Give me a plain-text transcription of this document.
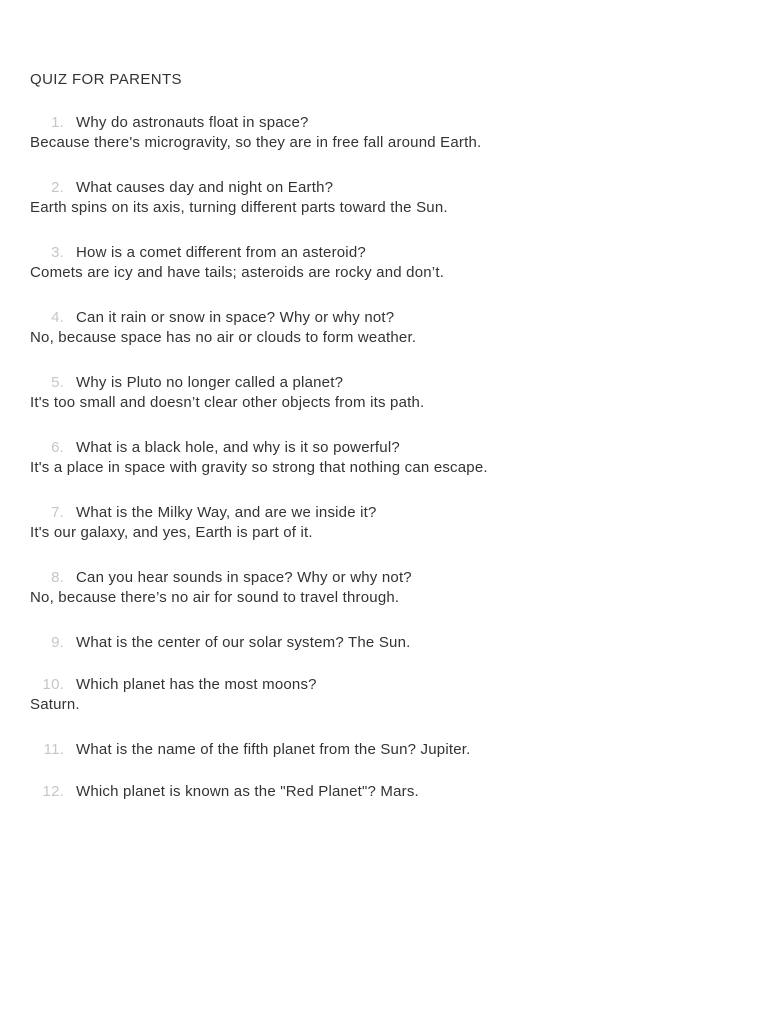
QUIZ FOR PARENTS
1. Why do astronauts float in space?
Because there's microgravity, so they are in free fall around Earth.
2. What causes day and night on Earth?
Earth spins on its axis, turning different parts toward the Sun.
3. How is a comet different from an asteroid?
Comets are icy and have tails; asteroids are rocky and don’t.
4. Can it rain or snow in space? Why or why not?
No, because space has no air or clouds to form weather.
5. Why is Pluto no longer called a planet?
It's too small and doesn’t clear other objects from its path.
6. What is a black hole, and why is it so powerful?
It's a place in space with gravity so strong that nothing can escape.
7. What is the Milky Way, and are we inside it?
It's our galaxy, and yes, Earth is part of it.
8. Can you hear sounds in space? Why or why not?
No, because there’s no air for sound to travel through.
9. What is the center of our solar system? The Sun.
10. Which planet has the most moons?
Saturn.
11. What is the name of the fifth planet from the Sun? Jupiter.
12. Which planet is known as the "Red Planet"? Mars.
